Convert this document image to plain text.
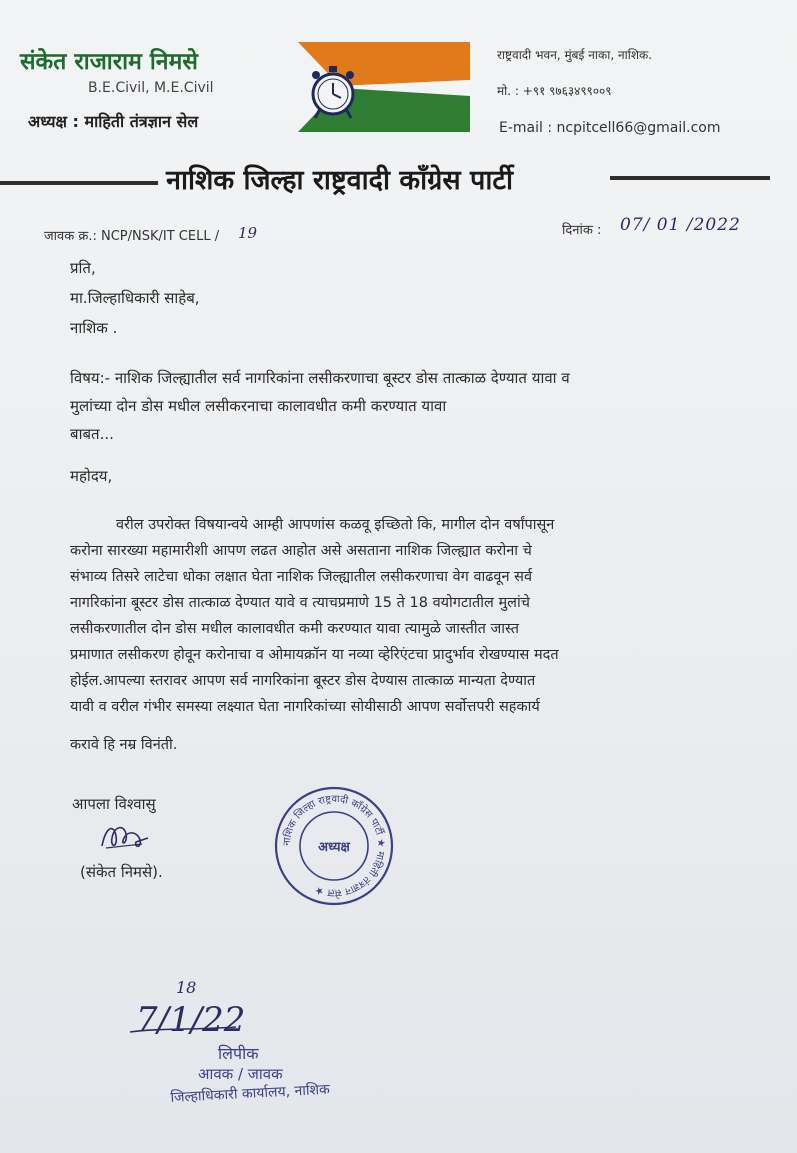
संकेत राजाराम निमसे
B.E.Civil, M.E.Civil
अध्यक्ष : माहिती तंत्रज्ञान सेल
राष्ट्रवादी भवन, मुंबई नाका, नाशिक.
मो. : +९१ ९७६३४९९००९
E-mail : ncpitcell66@gmail.com
नाशिक जिल्हा राष्ट्रवादी काँग्रेस पार्टी
जावक क्र.: NCP/NSK/IT CELL / 19	दिनांक : 07/ 01 /2022
प्रति,
मा.जिल्हाधिकारी साहेब,
नाशिक .
विषय:- नाशिक जिल्ह्यातील सर्व नागरिकांना लसीकरणाचा बूस्टर डोस तात्काळ देण्यात यावा व
मुलांच्या दोन डोस मधील लसीकरनाचा कालावधीत कमी करण्यात यावा
बाबत...
महोदय,
वरील उपरोक्त विषयान्वये आम्ही आपणांस कळवू इच्छितो कि, मागील दोन वर्षांपासून
करोना सारख्या महामारीशी आपण लढत आहोत असे असताना नाशिक जिल्ह्यात करोना चे
संभाव्य तिसरे लाटेचा धोका लक्षात घेता नाशिक जिल्ह्यातील लसीकरणाचा वेग वाढवून सर्व
नागरिकांना बूस्टर डोस तात्काळ देण्यात यावे व त्याचप्रमाणे 15 ते 18 वयोगटातील मुलांचे
लसीकरणातील दोन डोस मधील कालावधीत कमी करण्यात यावा त्यामुळे जास्तीत जास्त
प्रमाणात लसीकरण होवून करोनाचा व ओमायक्रॉन या नव्या व्हेरिएंटचा प्रादुर्भाव रोखण्यास मदत
होईल.आपल्या स्तरावर आपण सर्व नागरिकांना बूस्टर डोस देण्यास तात्काळ मान्यता देण्यात
यावी व वरील गंभीर समस्या लक्ष्यात घेता नागरिकांच्या सोयीसाठी आपण सर्वोत्तपरी सहकार्य
करावे हि नम्र विनंती.
आपला विश्वासु
(संकेत निमसे).
नाशिक जिल्हा राष्ट्रवादी कॉंग्रेस पार्टी ★ माहिती तंत्रज्ञान सेल ★
अध्यक्ष
18
7/1/22
लिपीक
आवक / जावक
जिल्हाधिकारी कार्यालय, नाशिक
